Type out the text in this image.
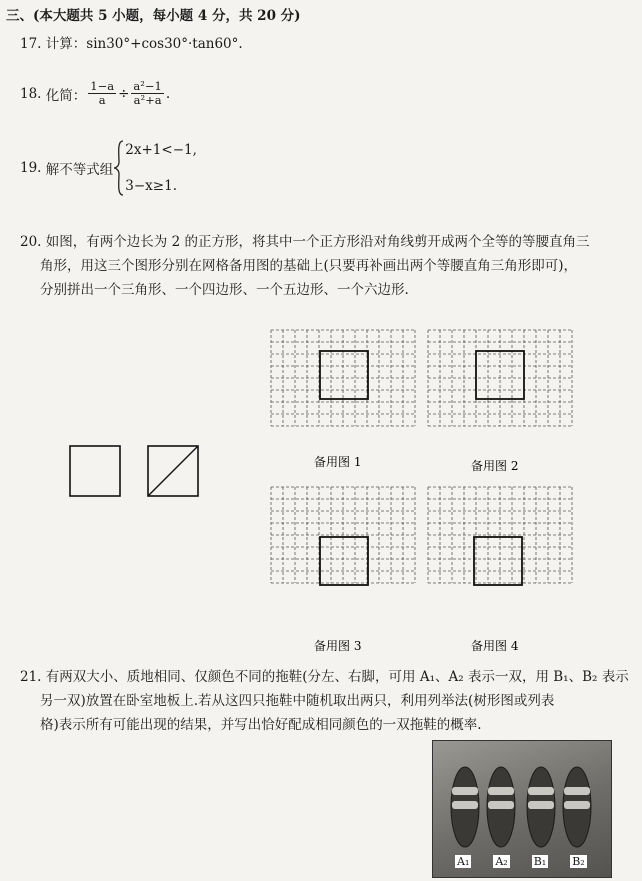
三、(本大题共 5 小题，每小题 4 分，共 20 分)
17. 计算：sin30°+cos30°·tan60°.
18.
化简： $\frac{1-a}{a} \div \frac{\text{a²−1}}{\text{a²+a}}$ .
19.
解不等式组
2x+1<−1,
3−x≥1.
20. 如图，有两个边长为 2 的正方形，将其中一个正方形沿对角线剪开成两个全等的等腰直角三
角形，用这三个图形分别在网格备用图的基础上(只要再补画出两个等腰直角三角形即可)，
分别拼出一个三角形、一个四边形、一个五边形、一个六边形.
备用图 1	备用图 2
备用图 3	备用图 4
21. 有两双大小、质地相同、仅颜色不同的拖鞋(分左、右脚，可用 A₁、A₂ 表示一双，用 B₁、B₂ 表示
另一双)放置在卧室地板上.若从这四只拖鞋中随机取出两只，利用列举法(树形图或列表
格)表示所有可能出现的结果，并写出恰好配成相同颜色的一双拖鞋的概率.
A₁ A₂ B₁ B₂
